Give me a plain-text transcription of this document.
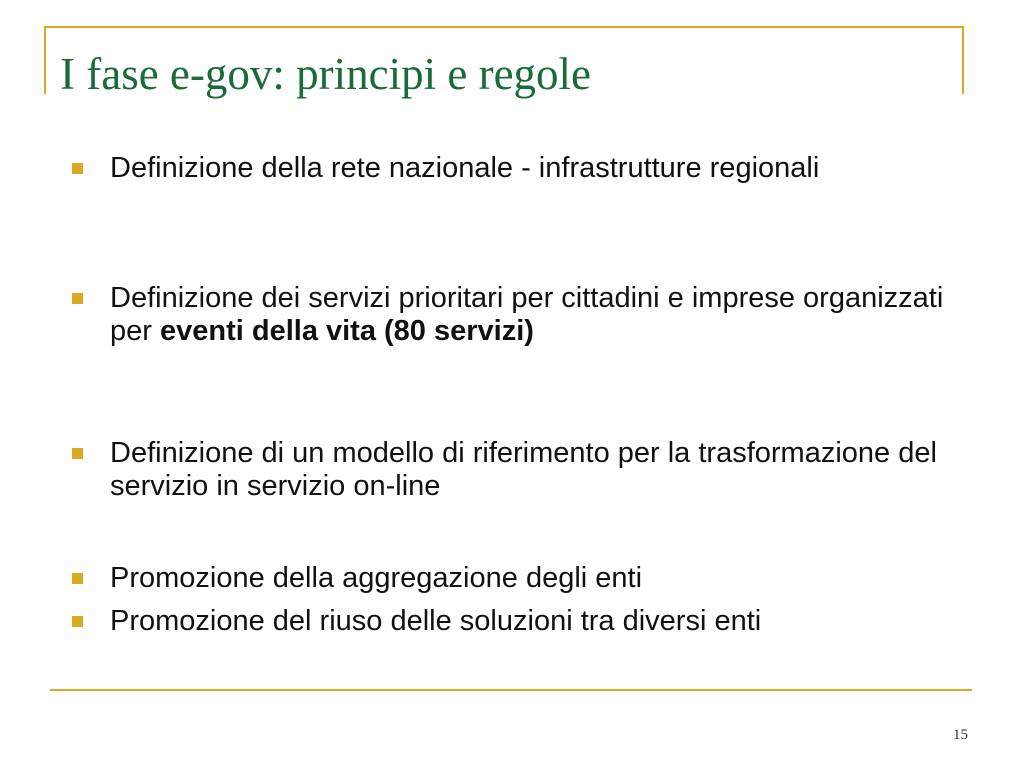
I fase e-gov: principi e regole
Definizione della rete nazionale - infrastrutture regionali
Definizione dei servizi prioritari per cittadini e imprese organizzati per eventi della vita (80 servizi)
Definizione di un modello di riferimento per la trasformazione del servizio in servizio on-line
Promozione della aggregazione degli enti
Promozione del riuso delle soluzioni tra diversi enti
15
